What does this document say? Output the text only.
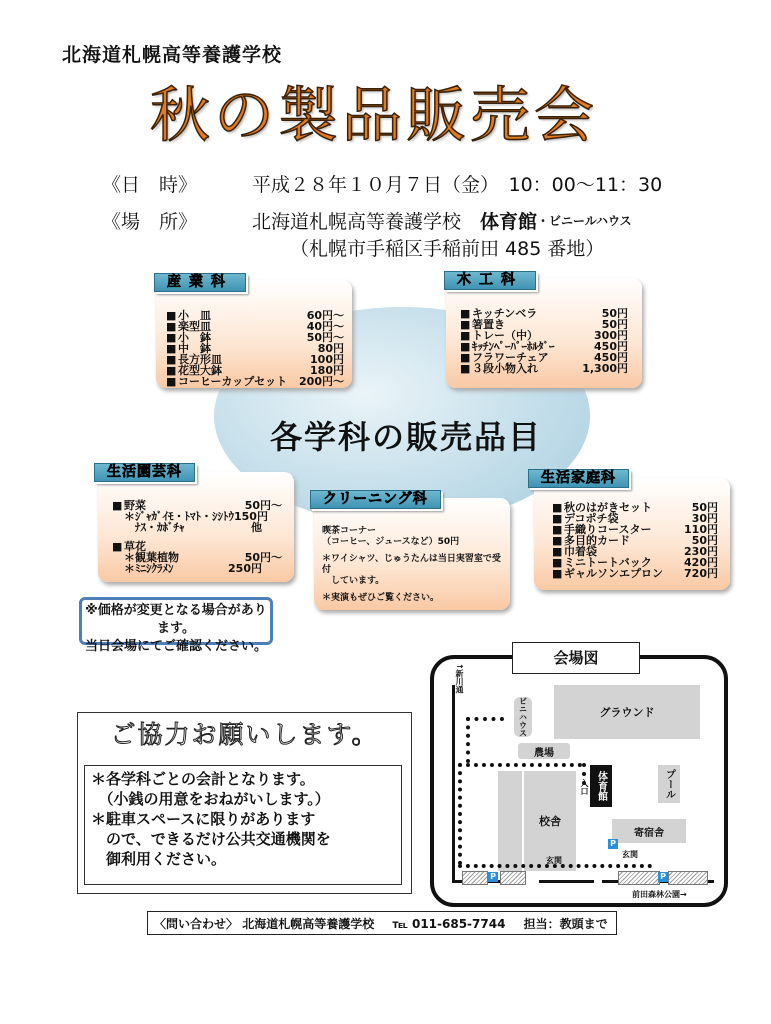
北海道札幌高等養護学校
秋の製品販売会
《日　時》	平成２８年１０月７日（金）　10：00〜11：30
《場　所》	北海道札幌高等養護学校　 体育館 ・ビニールハウス
（札幌市手稲区手稲前田 485 番地）
各学科の販売品目
産業科
■ 小　皿	60円〜
■ 楽型皿	40円〜
■ 小　鉢	50円〜
■ 中　鉢	80円
■ 長方形皿	100円
■ 花型大鉢	180円
■ コーヒーカップセット 200円〜
木工科
■ キッチンベラ	50円
■ 箸置き	50円
■ トレー（中）	300円
■ ｷｯﾁﾝﾍﾟｰﾊﾟｰﾎﾙﾀﾞｰ	450円
■ フラワーチェア	450円
■ ３段小物入れ	1,300円
生活園芸科
■ 野菜	50円〜
＊ｼﾞｬｶﾞｲﾓ・ﾄﾏﾄ・ｼｼﾄｳ 150円
　ﾅｽ・ｶﾎﾞﾁｬ	他
■ 草花
＊観葉植物	50円〜
＊ﾐﾆｼｸﾗﾒﾝ	250円
クリーニング科
喫茶コーナー
（コーヒー、ジュースなど）50円
＊ワイシャツ、じゅうたんは当日実習室で受付
　しています。
＊実演もぜひご覧ください。
生活家庭科
■ 秋のはがきセット	50円
■ デコポチ袋	30円
■ 手織りコースター	110円
■ 多目的カード	50円
■ 巾着袋	230円
■ ミニトートバック	420円
■ ギャルソンエプロン 720円
※価格が変更となる場合があります。
当日会場にてご確認ください。
ご協力お願いします。
＊各学科ごとの会計となります。
　（小銭の用意をおねがいします。）
＊駐車スペースに限りがあります
　ので、できるだけ公共交通機関を
　御利用ください。
↑新川通
グラウンド
ビニハウス
農場
校舎
体育館
入口	プール
寄宿舎
玄関
玄関
P	P
P
前田森林公園→
会場図
〈問い合わせ〉 北海道札幌高等養護学校 ℡ 011-685-7744 担当：教頭まで
